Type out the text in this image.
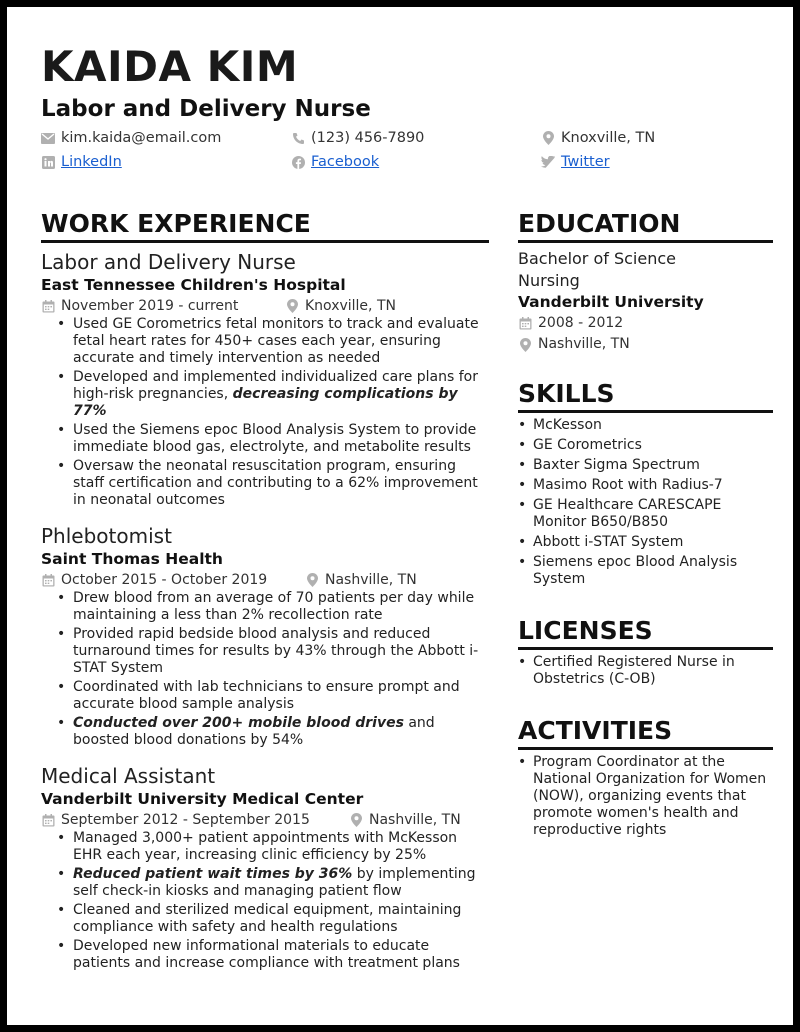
KAIDA KIM
Labor and Delivery Nurse
kim.kaida@email.com	(123) 456-7890	Knoxville, TN
LinkedIn	Facebook	Twitter
WORK EXPERIENCE
Labor and Delivery Nurse
East Tennessee Children's Hospital
November 2019 - current	Knoxville, TN
• Used GE Corometrics fetal monitors to track and evaluate fetal heart rates for 450+ cases each year, ensuring accurate and timely intervention as needed
• Developed and implemented individualized care plans for high-risk pregnancies, decreasing complications by 77%
• Used the Siemens epoc Blood Analysis System to provide immediate blood gas, electrolyte, and metabolite results
• Oversaw the neonatal resuscitation program, ensuring staff certification and contributing to a 62% improvement in neonatal outcomes
Phlebotomist
Saint Thomas Health
October 2015 - October 2019	Nashville, TN
• Drew blood from an average of 70 patients per day while maintaining a less than 2% recollection rate
• Provided rapid bedside blood analysis and reduced turnaround times for results by 43% through the Abbott i-STAT System
• Coordinated with lab technicians to ensure prompt and accurate blood sample analysis
• Conducted over 200+ mobile blood drives and boosted blood donations by 54%
Medical Assistant
Vanderbilt University Medical Center
September 2012 - September 2015	Nashville, TN
• Managed 3,000+ patient appointments with McKesson EHR each year, increasing clinic efficiency by 25%
• Reduced patient wait times by 36% by implementing self check-in kiosks and managing patient flow
• Cleaned and sterilized medical equipment, maintaining compliance with safety and health regulations
• Developed new informational materials to educate patients and increase compliance with treatment plans
EDUCATION
Bachelor of Science
Nursing
Vanderbilt University
2008 - 2012
Nashville, TN
SKILLS
• McKesson
• GE Corometrics
• Baxter Sigma Spectrum
• Masimo Root with Radius-7
• GE Healthcare CARESCAPE Monitor B650/B850
• Abbott i-STAT System
• Siemens epoc Blood Analysis System
LICENSES
• Certified Registered Nurse in Obstetrics (C-OB)
ACTIVITIES
• Program Coordinator at the National Organization for Women (NOW), organizing events that promote women's health and reproductive rights
